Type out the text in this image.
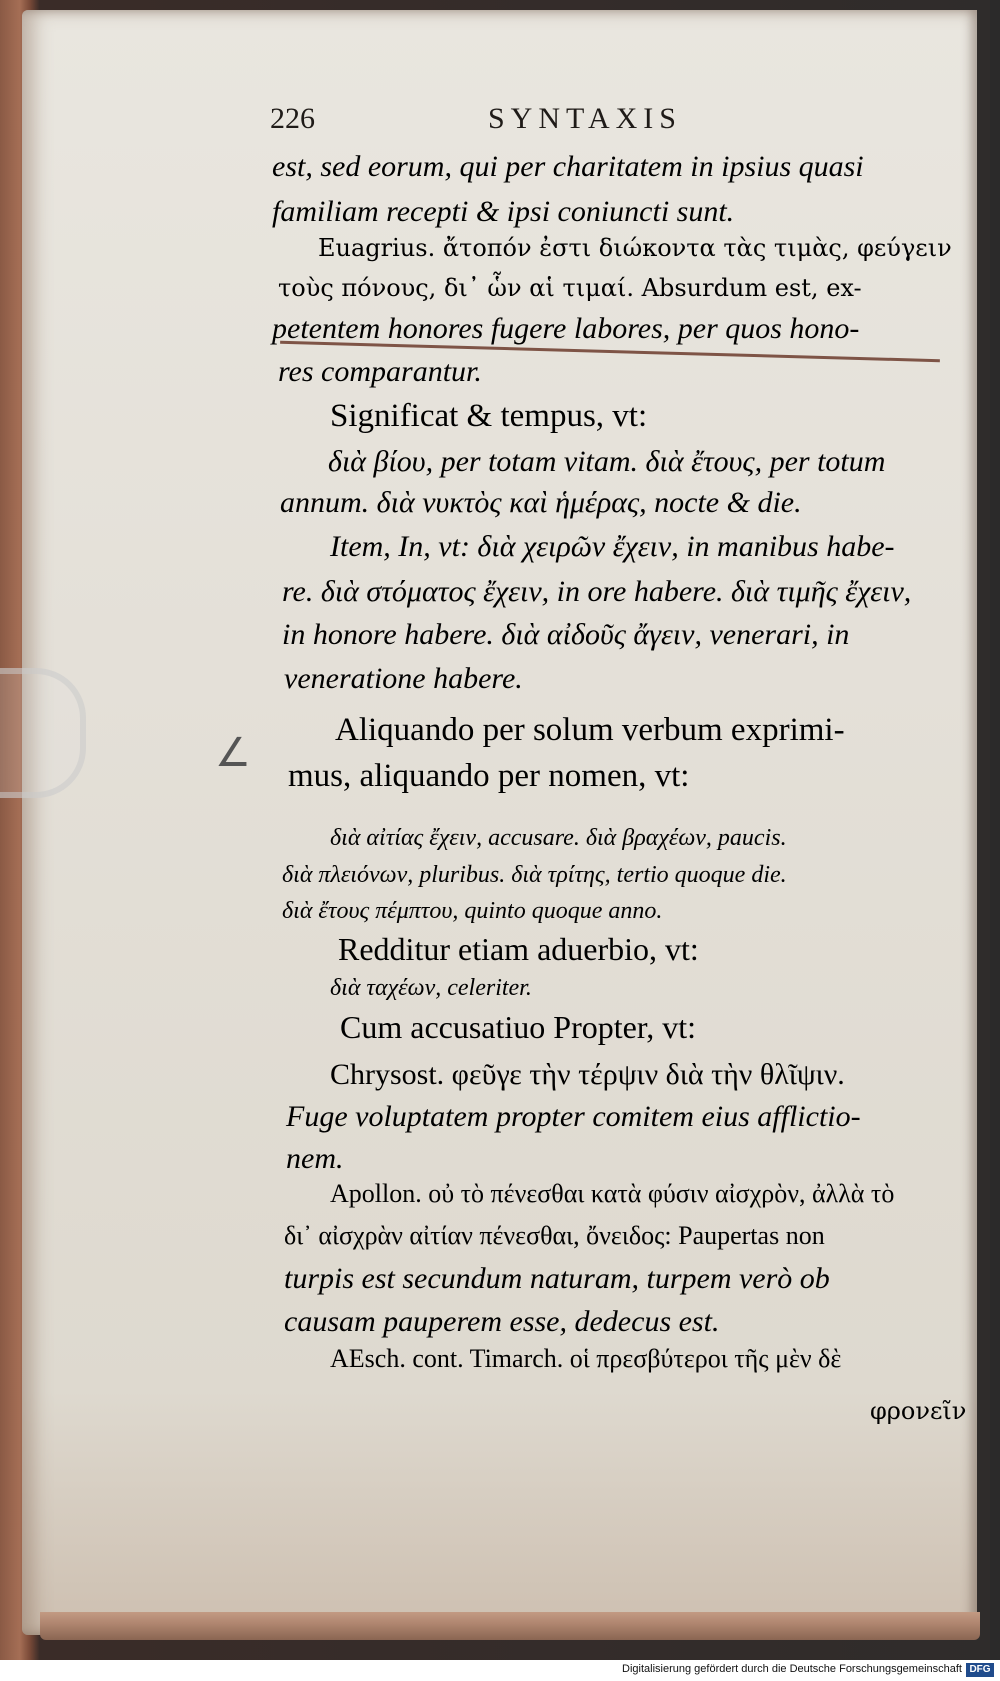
226	SYNTAXIS
∠
est, sed eorum, qui per charitatem in ipsius quasi
familiam recepti & ipsi coniuncti sunt.
Euagrius. ἄτοπόν ἐστι διώκοντα τὰς τιμὰς, φεύγειν
τοὺς πόνους, δι᾽ ὧν αἱ τιμαί. Absurdum est, ex-
petentem honores fugere labores, per quos hono-
res comparantur.
Significat & tempus, vt:
διὰ βίου, per totam vitam. διὰ ἔτους, per totum
annum. διὰ νυκτὸς καὶ ἡμέρας, nocte & die.
Item, In, vt: διὰ χειρῶν ἔχειν, in manibus habe-
re. διὰ στόματος ἔχειν, in ore habere. διὰ τιμῆς ἔχειν,
in honore habere. διὰ αἰδοῦς ἄγειν, venerari, in
veneratione habere.
Aliquando per solum verbum exprimi-
mus, aliquando per nomen, vt:
διὰ αἰτίας ἔχειν, accusare. διὰ βραχέων, paucis.
διὰ πλειόνων, pluribus. διὰ τρίτης, tertio quoque die.
διὰ ἔτους πέμπτου, quinto quoque anno.
Redditur etiam aduerbio, vt:
διὰ ταχέων, celeriter.
Cum accusatiuo Propter, vt:
Chrysost. φεῦγε τὴν τέρψιν διὰ τὴν θλῖψιν.
Fuge voluptatem propter comitem eius afflictio-
nem.
Apollon. οὐ τὸ πένεσθαι κατὰ φύσιν αἰσχρὸν, ἀλλὰ τὸ
δι᾽ αἰσχρὰν αἰτίαν πένεσθαι, ὄνειδος: Paupertas non
turpis est secundum naturam, turpem verò ob
causam pauperem esse, dedecus est.
AEsch. cont. Timarch. οἱ πρεσβύτεροι τῆς μὲν δὲ
φρονεῖν
Digitalisierung gefördert durch die Deutsche Forschungsgemeinschaft DFG
